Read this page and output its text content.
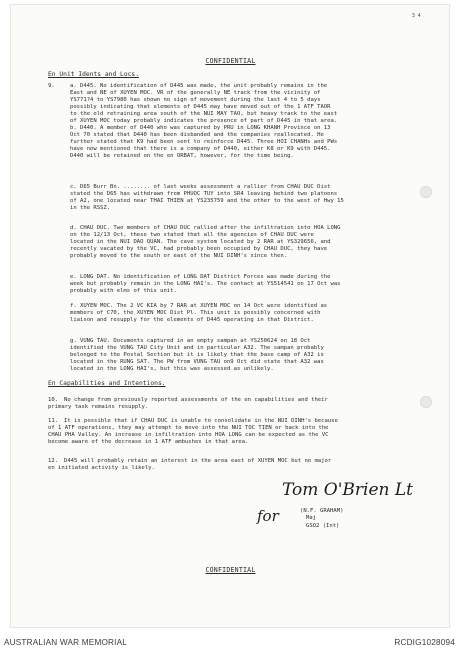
3 4
CONFIDENTIAL
En Unit Idents and Locs.
9.	a. D445. No identification of D445 was made, the unit probably remains in the
East and NE of XUYEN MOC. VR of the generally NE track from the vicinity of
YS771?4 to YS7980 has shown no sign of movement during the last 4 to 5 days
possibly indicating that elements of D445 may have moved out of the 1 ATF TAOR
to the old retraining area south of the NUI MAY TAO, but heavy track to the east
of XUYEN MOC today probably indicates the presence of part of D445 in that area.
b. D440. A member of D440 who was captured by PRU in LONG KHANH Province on 13
Oct 70 stated that D440 has been disbanded and the companies reallocated. He
further stated that K9 had been sent to reinforce D445. Three HOI CHANHs and PWs
have now mentioned that there is a company of D440, either K8 or K9 with D445.
D440 will be retained on the en ORBAT, however, for the time being.
c. D65 Burr Bn. ........ of last weeks assessment a rallier from CHAU DUC Dist
stated the D65 has withdrawn from PHUOC TUY into SR4 leaving behind two platoons
of A2, one located near THAI THIEN at YS235759 and the other to the west of Hwy 15
in the RSSZ.
d. CHAU DUC. Two members of CHAU DUC rallied after the infiltration into HOA LONG
on the 12/13 Oct, these two stated that all the agencies of CHAU DUC were
located in the NUI DAO QUAN. The cave system located by 2 RAR at YS329656, and
recently vacated by the VC, had probably been occupied by CHAU DUC, they have
probably moved to the south or east of the NUI DINH's since then.
e. LONG DAT. No identification of LONG DAT District Forces was made during the
week but probably remain in the LONG HAI's. The contact at YS514541 on 17 Oct was
probably with elms of this unit.
f. XUYEN MOC. The 2 VC KIA by 7 RAR at XUYEN MOC on 14 Oct were identified as
members of C70, the XUYEN MOC Dist Pl. This unit is possibly concerned with
liaison and resupply for the elements of D445 operating in that District.
g. VUNG TAU. Documents captured in an empty sampan at YS250624 on 18 Oct
identified the VUNG TAU City Unit and in particular A32. The sampan probably
belonged to the Postal Section but it is likely that the base camp of A32 is
located in the RUNG SAT. The PW from VUNG TAU on9 Oct did state that A32 was
located in the LONG HAI's, but this was assessed as unlikely.
En Capabilities and Intentions.
10. No change from previously reported assessments of the en capabilities and their
primary task remains resupply.
11. It is possible that if CHAU DUC is unable to consolidate in the NUI DINH's because
of 1 ATF operations, they may attempt to move into the NUI TOC TIEN or back into the
CHAU PHA Valley. An increase in infiltration into HOA LONG can be expected as the VC
become aware of the decrease in 1 ATF ambushes in that area.
12. D445 will probably retain an interest in the area east of XUYEN MOC but no major
en initiated activity is likely.
Tom O'Brien Lt
for	(N.F. GRAHAM)
Maj
GSO2 (Int)
CONFIDENTIAL
AUSTRALIAN WAR MEMORIAL	RCDIG1028094
